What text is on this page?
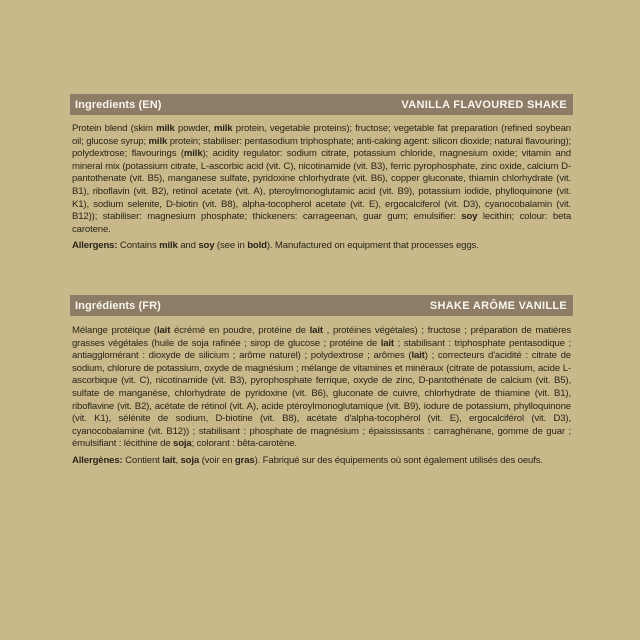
Ingredients (EN)	VANILLA FLAVOURED SHAKE
Protein blend (skim milk powder, milk protein, vegetable proteins); fructose; vegetable fat preparation (refined soybean oil; glucose syrup; milk protein; stabiliser: pentasodium triphosphate; anti-caking agent: silicon dioxide; natural flavouring); polydextrose; flavourings (milk); acidity regulator: sodium citrate, potassium chloride, magnesium oxide; vitamin and mineral mix (potassium citrate, L-ascorbic acid (vit. C), nicotinamide (vit. B3), ferric pyrophosphate, zinc oxide, calcium D-pantothenate (vit. B5), manganese sulfate, pyridoxine chlorhydrate (vit. B6), copper gluconate, thiamin chlorhydrate (vit. B1), riboflavin (vit. B2), retinol acetate (vit. A), pteroylmonoglutamic acid (vit. B9), potassium iodide, phylloquinone (vit. K1), sodium selenite, D-biotin (vit. B8), alpha-tocopherol acetate (vit. E), ergocalciferol (vit. D3), cyanocobalamin (vit. B12)); stabiliser: magnesium phosphate; thickeners: carrageenan, guar gum; emulsifier: soy lecithin; colour: beta carotene.
Allergens: Contains milk and soy (see in bold). Manufactured on equipment that processes eggs.
Ingrédients (FR)	SHAKE ARÔME VANILLE
Mélange protéique (lait écrémé en poudre, protéine de lait , protéines végétales) ; fructose ; préparation de matières grasses végétales (huile de soja rafinée ; sirop de glucose ; protéine de lait ; stabilisant : triphosphate pentasodique ; antiagglomérant : dioxyde de silicium ; arôme naturel) ; polydextrose ; arômes (lait) ; correcteurs d'acidité : citrate de sodium, chlorure de potassium, oxyde de magnésium ; mélange de vitamines et minéraux (citrate de potassium, acide L-ascorbique (vit. C), nicotinamide (vit. B3), pyrophosphate ferrique, oxyde de zinc, D-pantothénate de calcium (vit. B5), sulfate de manganèse, chlorhydrate de pyridoxine (vit. B6), gluconate de cuivre, chlorhydrate de thiamine (vit. B1), riboflavine (vit. B2), acétate de rétinol (vit. A), acide ptéroylmonoglutamique (vit. B9), iodure de potassium, phylloquinone (vit. K1), sélénite de sodium, D-biotine (vit. B8), acétate d'alpha-tocophérol (vit. E), ergocalciférol (vit. D3), cyanocobalamine (vit. B12)) ; stabilisant : phosphate de magnésium ; épaississants : carraghénane, gomme de guar ; émulsifiant : lécithine de soja; colorant : bêta-carotène.
Allergènes: Contient lait, soja (voir en gras). Fabriqué sur des équipements où sont également utilisés des oeufs.
